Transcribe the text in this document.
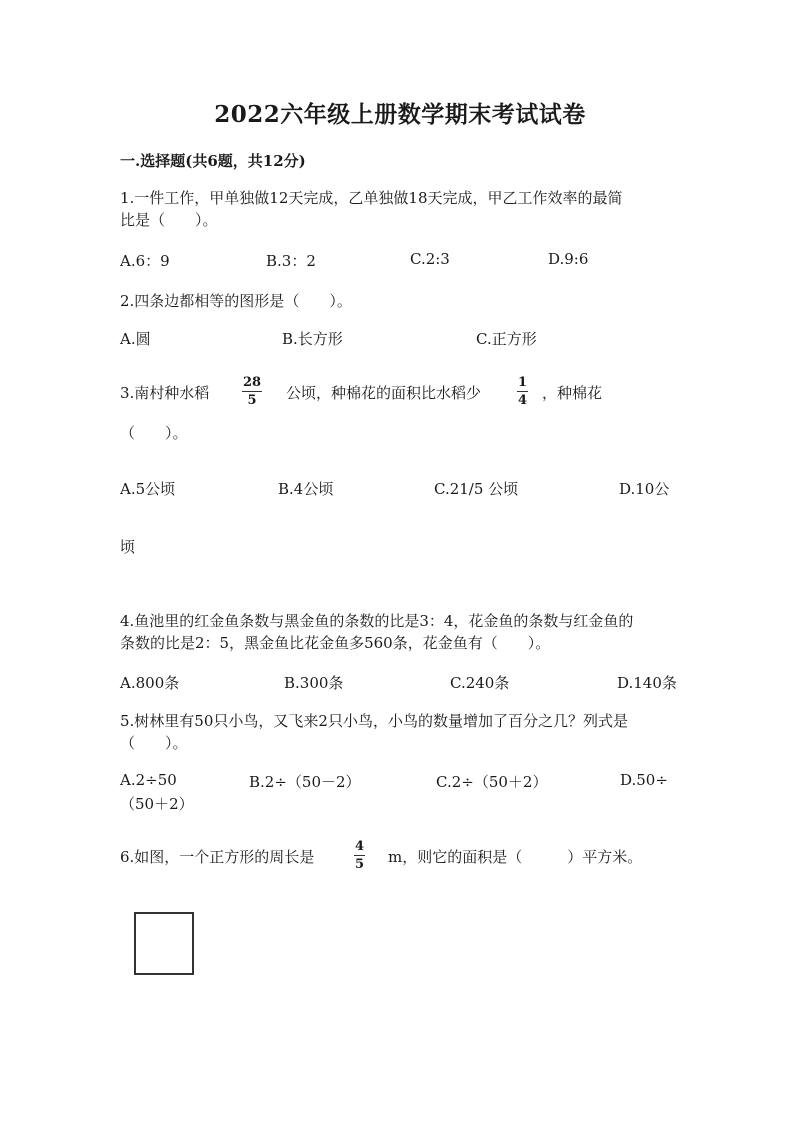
2022六年级上册数学期末考试试卷
一.选择题(共6题，共12分)
1.一件工作，甲单独做12天完成，乙单独做18天完成，甲乙工作效率的最简
比是（　　）。
A.6：9	B.3：2	C.2:3	D.9:6
2.四条边都相等的图形是（　　）。
A.圆	B.长方形	C.正方形
3.南村种水稻
28
5 公顷，种棉花的面积比水稻少
1
4 ，种棉花
（　　）。
A.5公顷	B.4公顷	C.21/5 公顷	D.10公
顷
4.鱼池里的红金鱼条数与黑金鱼的条数的比是3：4，花金鱼的条数与红金鱼的
条数的比是2：5，黑金鱼比花金鱼多560条，花金鱼有（　　）。
A.800条	B.300条	C.240条	D.140条
5.树林里有50只小鸟，又飞来2只小鸟，小鸟的数量增加了百分之几？列式是
（　　）。
A.2÷50	B.2÷（50－2）	C.2÷（50＋2）	D.50÷
（50＋2）
6.如图，一个正方形的周长是
4
5 m，则它的面积是（　　　）平方米。
